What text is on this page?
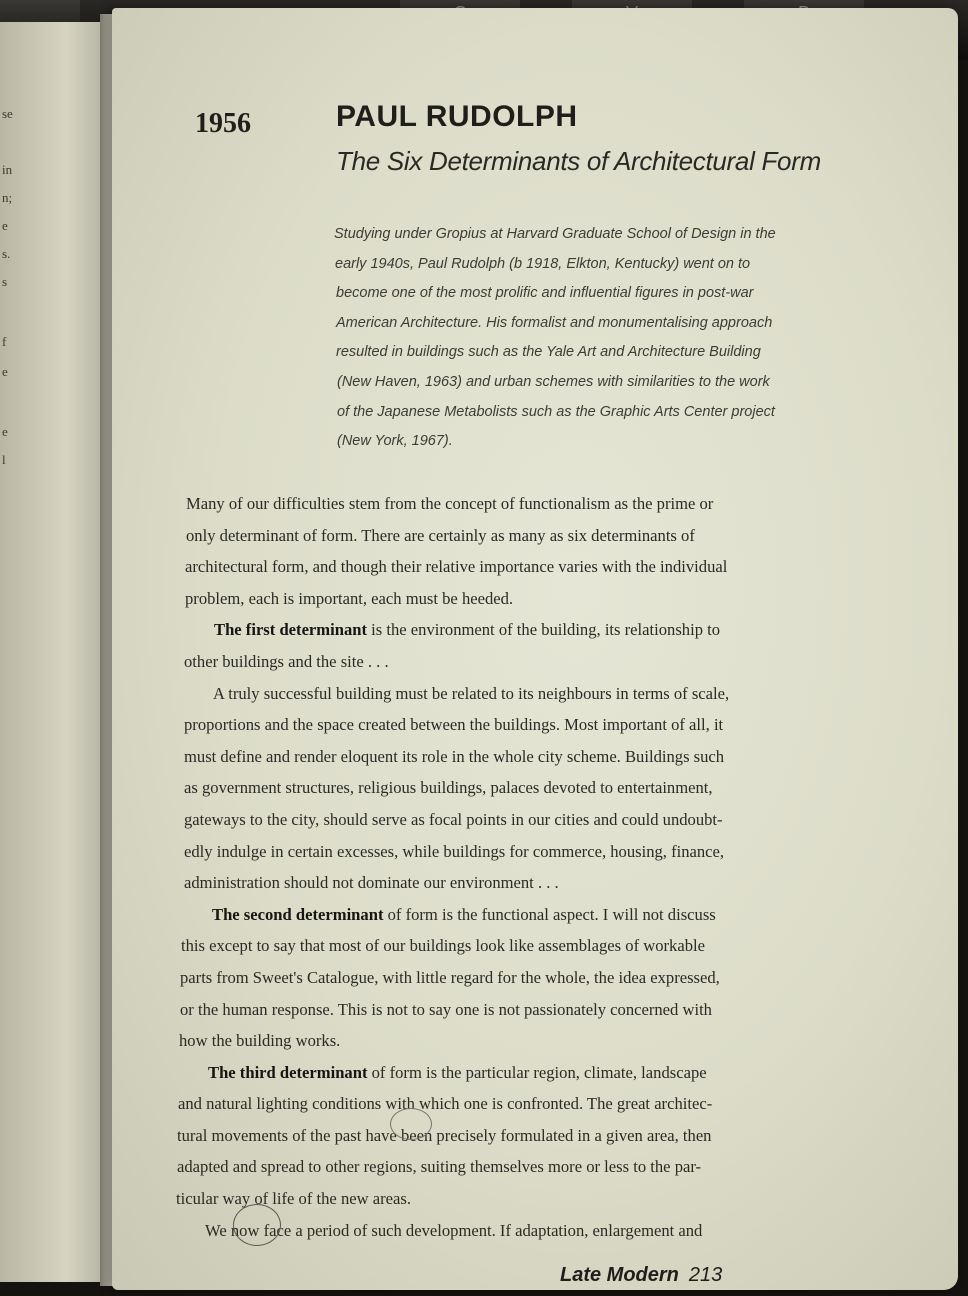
se
in
n;
e
s.
s
f
e
e
l
1956	PAUL RUDOLPH
The Six Determinants of Architectural Form
Studying under Gropius at Harvard Graduate School of Design in the
early 1940s, Paul Rudolph (b 1918, Elkton, Kentucky) went on to
become one of the most prolific and influential figures in post-war
American Architecture. His formalist and monumentalising approach
resulted in buildings such as the Yale Art and Architecture Building
(New Haven, 1963) and urban schemes with similarities to the work
of the Japanese Metabolists such as the Graphic Arts Center project
(New York, 1967).
Many of our difficulties stem from the concept of functionalism as the prime or
only determinant of form. There are certainly as many as six determinants of
architectural form, and though their relative importance varies with the individual
problem, each is important, each must be heeded.
The first determinant is the environment of the building, its relationship to
other buildings and the site . . .
A truly successful building must be related to its neighbours in terms of scale,
proportions and the space created between the buildings. Most important of all, it
must define and render eloquent its role in the whole city scheme. Buildings such
as government structures, religious buildings, palaces devoted to entertainment,
gateways to the city, should serve as focal points in our cities and could undoubt-
edly indulge in certain excesses, while buildings for commerce, housing, finance,
administration should not dominate our environment . . .
The second determinant of form is the functional aspect. I will not discuss
this except to say that most of our buildings look like assemblages of workable
parts from Sweet's Catalogue, with little regard for the whole, the idea expressed,
or the human response. This is not to say one is not passionately concerned with
how the building works.
The third determinant of form is the particular region, climate, landscape
and natural lighting conditions with which one is confronted. The great architec-
tural movements of the past have been precisely formulated in a given area, then
adapted and spread to other regions, suiting themselves more or less to the par-
ticular way of life of the new areas.
We now face a period of such development. If adaptation, enlargement and
Late Modern 213
